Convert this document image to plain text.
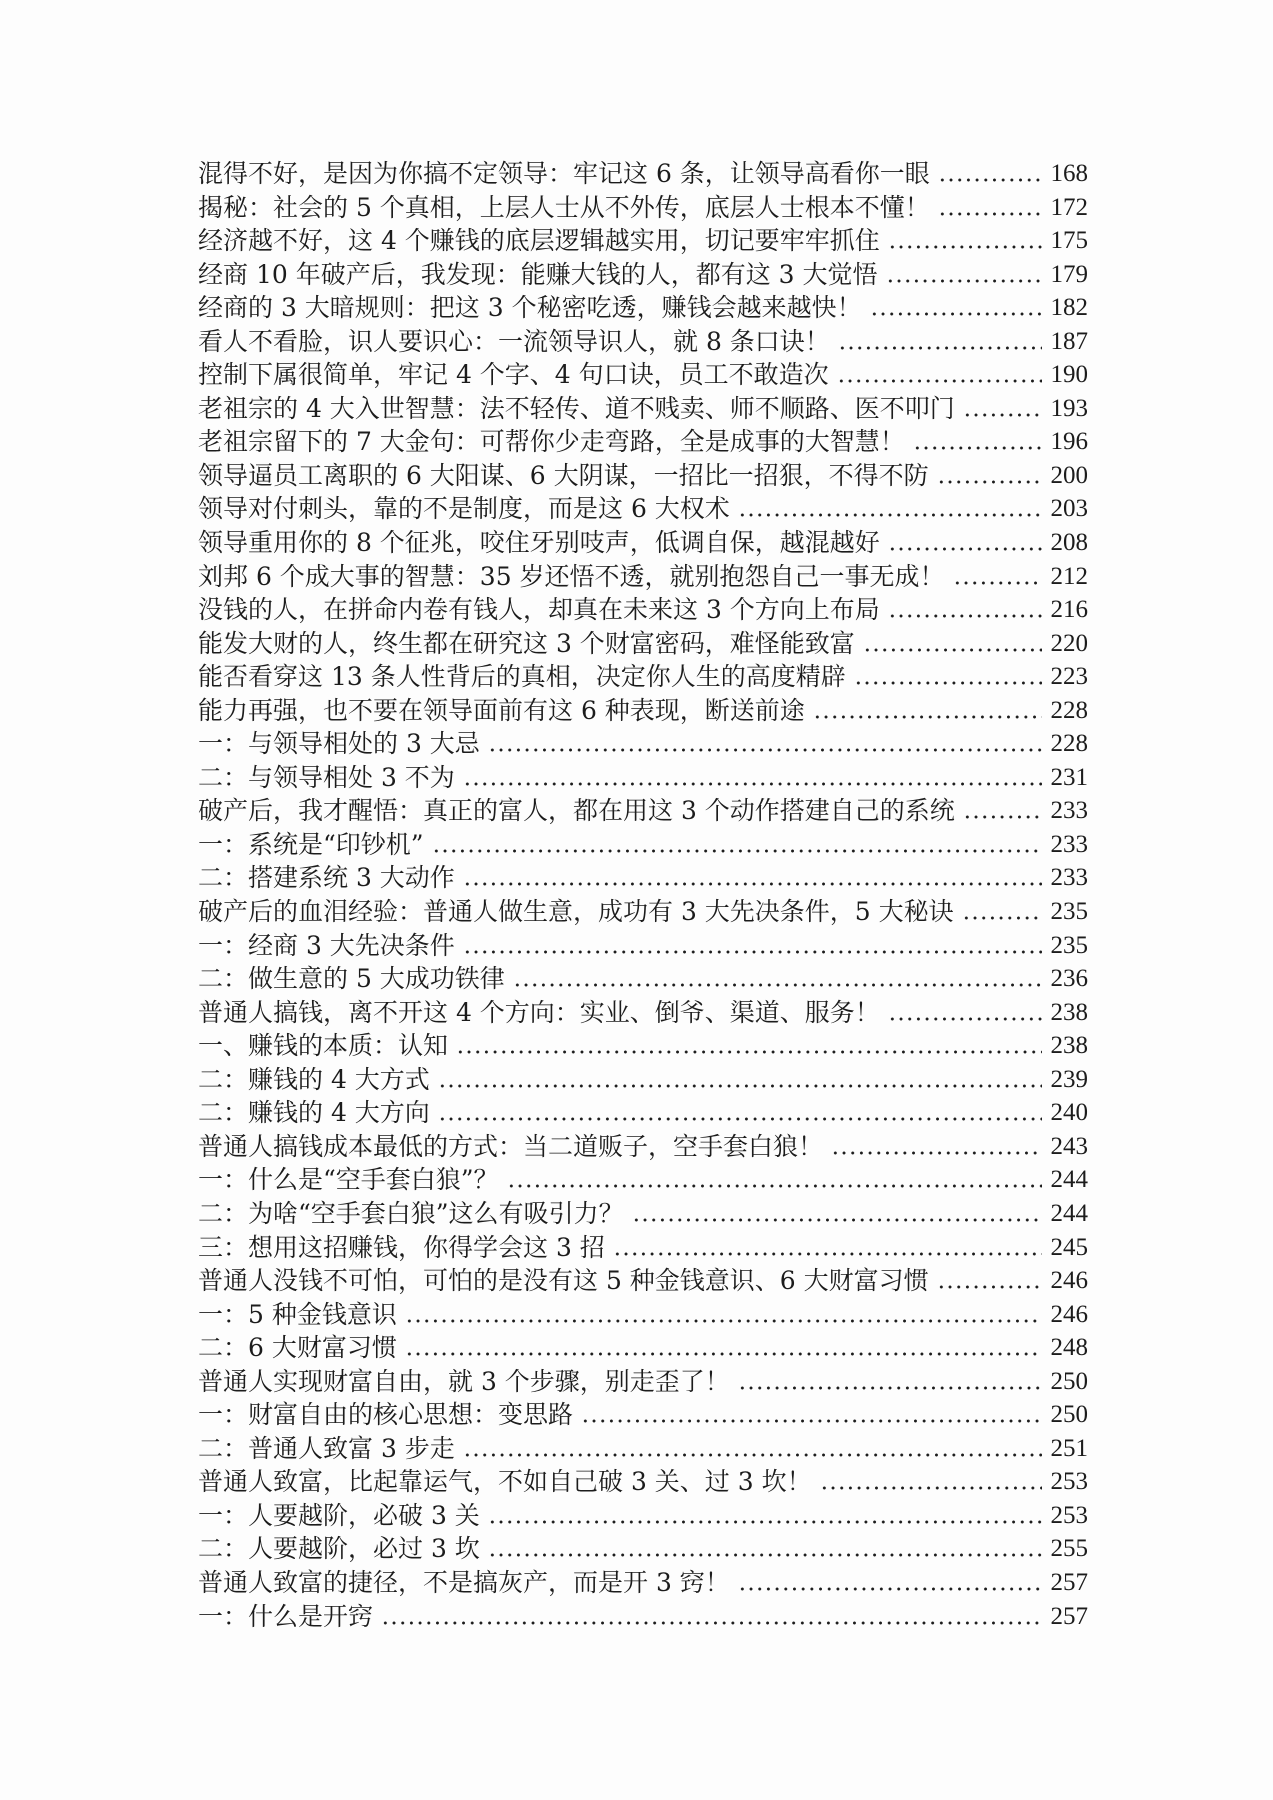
混得不好，是因为你搞不定领导：牢记这 6 条，让领导高看你一眼	168
揭秘：社会的 5 个真相，上层人士从不外传，底层人士根本不懂！	172
经济越不好，这 4 个赚钱的底层逻辑越实用，切记要牢牢抓住	175
经商 10 年破产后，我发现：能赚大钱的人，都有这 3 大觉悟	179
经商的 3 大暗规则：把这 3 个秘密吃透，赚钱会越来越快！	182
看人不看脸，识人要识心：一流领导识人，就 8 条口诀！	187
控制下属很简单，牢记 4 个字、4 句口诀，员工不敢造次	190
老祖宗的 4 大入世智慧：法不轻传、道不贱卖、师不顺路、医不叩门	193
老祖宗留下的 7 大金句：可帮你少走弯路，全是成事的大智慧！	196
领导逼员工离职的 6 大阳谋、6 大阴谋，一招比一招狠，不得不防	200
领导对付刺头，靠的不是制度，而是这 6 大权术	203
领导重用你的 8 个征兆，咬住牙别吱声，低调自保，越混越好	208
刘邦 6 个成大事的智慧：35 岁还悟不透，就别抱怨自己一事无成！	212
没钱的人，在拼命内卷有钱人，却真在未来这 3 个方向上布局	216
能发大财的人，终生都在研究这 3 个财富密码，难怪能致富	220
能否看穿这 13 条人性背后的真相，决定你人生的高度精辟	223
能力再强，也不要在领导面前有这 6 种表现，断送前途	228
一：与领导相处的 3 大忌	228
二：与领导相处 3 不为	231
破产后，我才醒悟：真正的富人，都在用这 3 个动作搭建自己的系统	233
一：系统是“印钞机”	233
二：搭建系统 3 大动作	233
破产后的血泪经验：普通人做生意，成功有 3 大先决条件，5 大秘诀	235
一：经商 3 大先决条件	235
二：做生意的 5 大成功铁律	236
普通人搞钱，离不开这 4 个方向：实业、倒爷、渠道、服务！	238
一、赚钱的本质：认知	238
二：赚钱的 4 大方式	239
二：赚钱的 4 大方向	240
普通人搞钱成本最低的方式：当二道贩子，空手套白狼！	243
一：什么是“空手套白狼”？	244
二：为啥“空手套白狼”这么有吸引力？	244
三：想用这招赚钱，你得学会这 3 招	245
普通人没钱不可怕，可怕的是没有这 5 种金钱意识、6 大财富习惯	246
一：5 种金钱意识	246
二：6 大财富习惯	248
普通人实现财富自由，就 3 个步骤，别走歪了！	250
一：财富自由的核心思想：变思路	250
二：普通人致富 3 步走	251
普通人致富，比起靠运气，不如自己破 3 关、过 3 坎！	253
一：人要越阶，必破 3 关	253
二：人要越阶，必过 3 坎	255
普通人致富的捷径，不是搞灰产，而是开 3 窍！	257
一：什么是开窍	257
